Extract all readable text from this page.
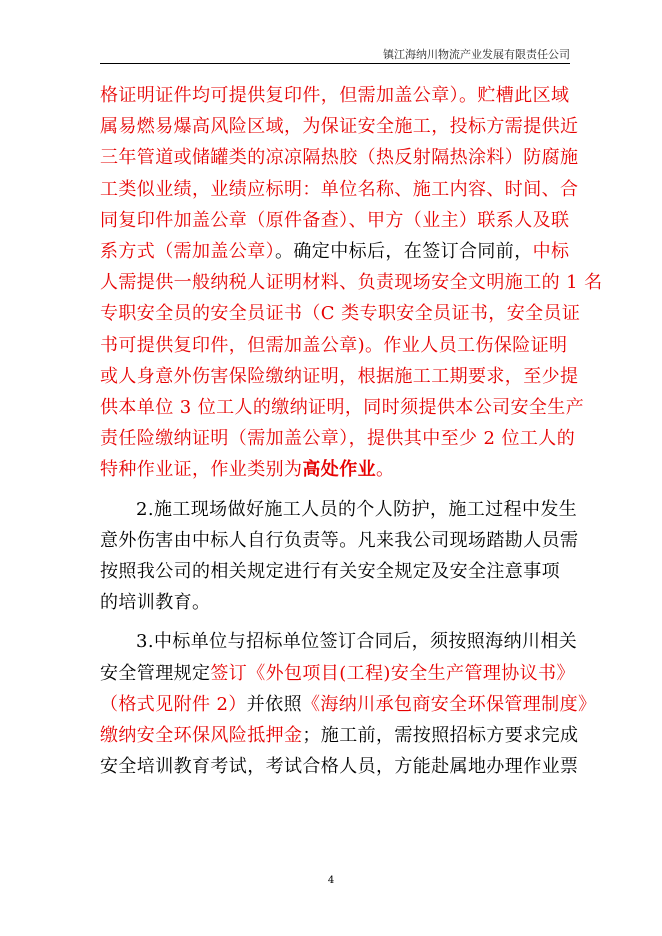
镇江海纳川物流产业发展有限责任公司
格证明证件均可提供复印件，但需加盖公章）。贮槽此区域
属易燃易爆高风险区域，为保证安全施工，投标方需提供近
三年管道或储罐类的凉凉隔热胶（热反射隔热涂料）防腐施
工类似业绩，业绩应标明：单位名称、施工内容、时间、合
同复印件加盖公章（原件备查）、甲方（业主）联系人及联
系方式（需加盖公章）。确定中标后，在签订合同前，中标
人需提供一般纳税人证明材料、负责现场安全文明施工的 1 名
专职安全员的安全员证书（C 类专职安全员证书，安全员证
书可提供复印件，但需加盖公章)。作业人员工伤保险证明
或人身意外伤害保险缴纳证明，根据施工工期要求，至少提
供本单位 3 位工人的缴纳证明，同时须提供本公司安全生产
责任险缴纳证明（需加盖公章），提供其中至少 2 位工人的
特种作业证，作业类别为高处作业。
2.施工现场做好施工人员的个人防护，施工过程中发生
意外伤害由中标人自行负责等。凡来我公司现场踏勘人员需
按照我公司的相关规定进行有关安全规定及安全注意事项
的培训教育。
3.中标单位与招标单位签订合同后，须按照海纳川相关
安全管理规定签订《外包项目(工程)安全生产管理协议书》
（格式见附件 2）并依照《海纳川承包商安全环保管理制度》
缴纳安全环保风险抵押金；施工前，需按照招标方要求完成
安全培训教育考试，考试合格人员，方能赴属地办理作业票
4
